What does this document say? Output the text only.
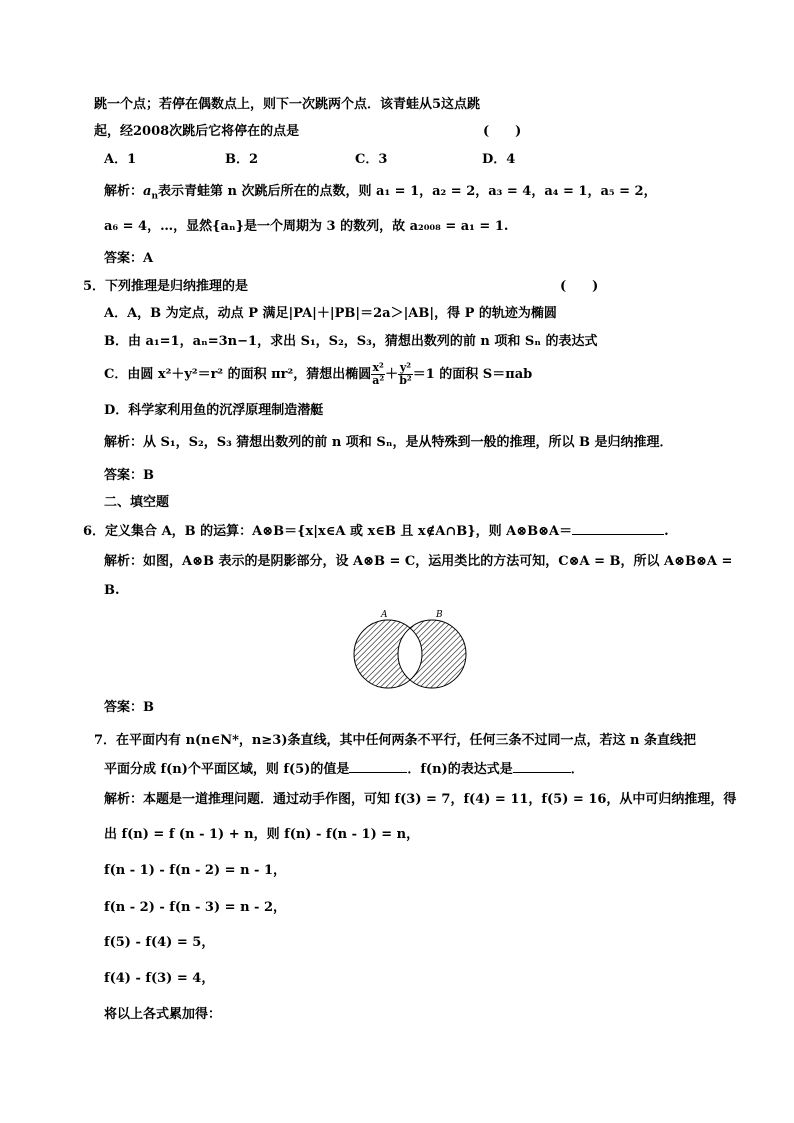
跳一个点；若停在偶数点上，则下一次跳两个点．该青蛙从5这点跳
起，经2008次跳后它将停在的点是	(　　)
A．1	B．2	C．3	D．4
解析：$a_n$表示青蛙第 n 次跳后所在的点数，则 a₁ = 1，a₂ = 2，a₃ = 4，a₄ = 1，a₅ = 2，
a₆ = 4，…，显然{aₙ}是一个周期为 3 的数列，故 a₂₀₀₈ = a₁ = 1.
答案：A
5．下列推理是归纳推理的是	(　　)
A．A，B 为定点，动点 P 满足|PA|＋|PB|＝2a＞|AB|，得 P 的轨迹为椭圆
B．由 a₁=1，aₙ=3n−1，求出 S₁，S₂，S₃，猜想出数列的前 n 项和 Sₙ 的表达式
C．由圆 x²＋y²＝r² 的面积 πr²，猜想出椭圆 $\frac{\text{x²}}{\text{a²}} + \frac{\text{y²}}{\text{b²}} =1$ 的面积 S＝πab
D．科学家利用鱼的沉浮原理制造潜艇
解析：从 S₁，S₂，S₃ 猜想出数列的前 n 项和 Sₙ，是从特殊到一般的推理，所以 B 是归纳推理．
答案：B
二、填空题
6．定义集合 A，B 的运算：A⊗B＝{x|x∈A 或 x∈B 且 x∉A∩B}，则 A⊗B⊗A＝	.
解析：如图，A⊗B 表示的是阴影部分，设 A⊗B = C，运用类比的方法可知，C⊗A = B，所以 A⊗B⊗A =
B.
A	B
答案：B
7．在平面内有 n(n∈N*，n≥3)条直线，其中任何两条不平行，任何三条不过同一点，若这 n 条直线把
平面分成 f(n)个平面区域，则 f(5)的值是	．f(n)的表达式是	．
解析：本题是一道推理问题．通过动手作图，可知 f(3) = 7，f(4) = 11，f(5) = 16，从中可归纳推理，得
出 f(n) = f (n - 1) + n，则 f(n) - f(n - 1) = n，
f(n - 1) - f(n - 2) = n - 1，
f(n - 2) - f(n - 3) = n - 2，
f(5) - f(4) = 5，
f(4) - f(3) = 4，
将以上各式累加得：
